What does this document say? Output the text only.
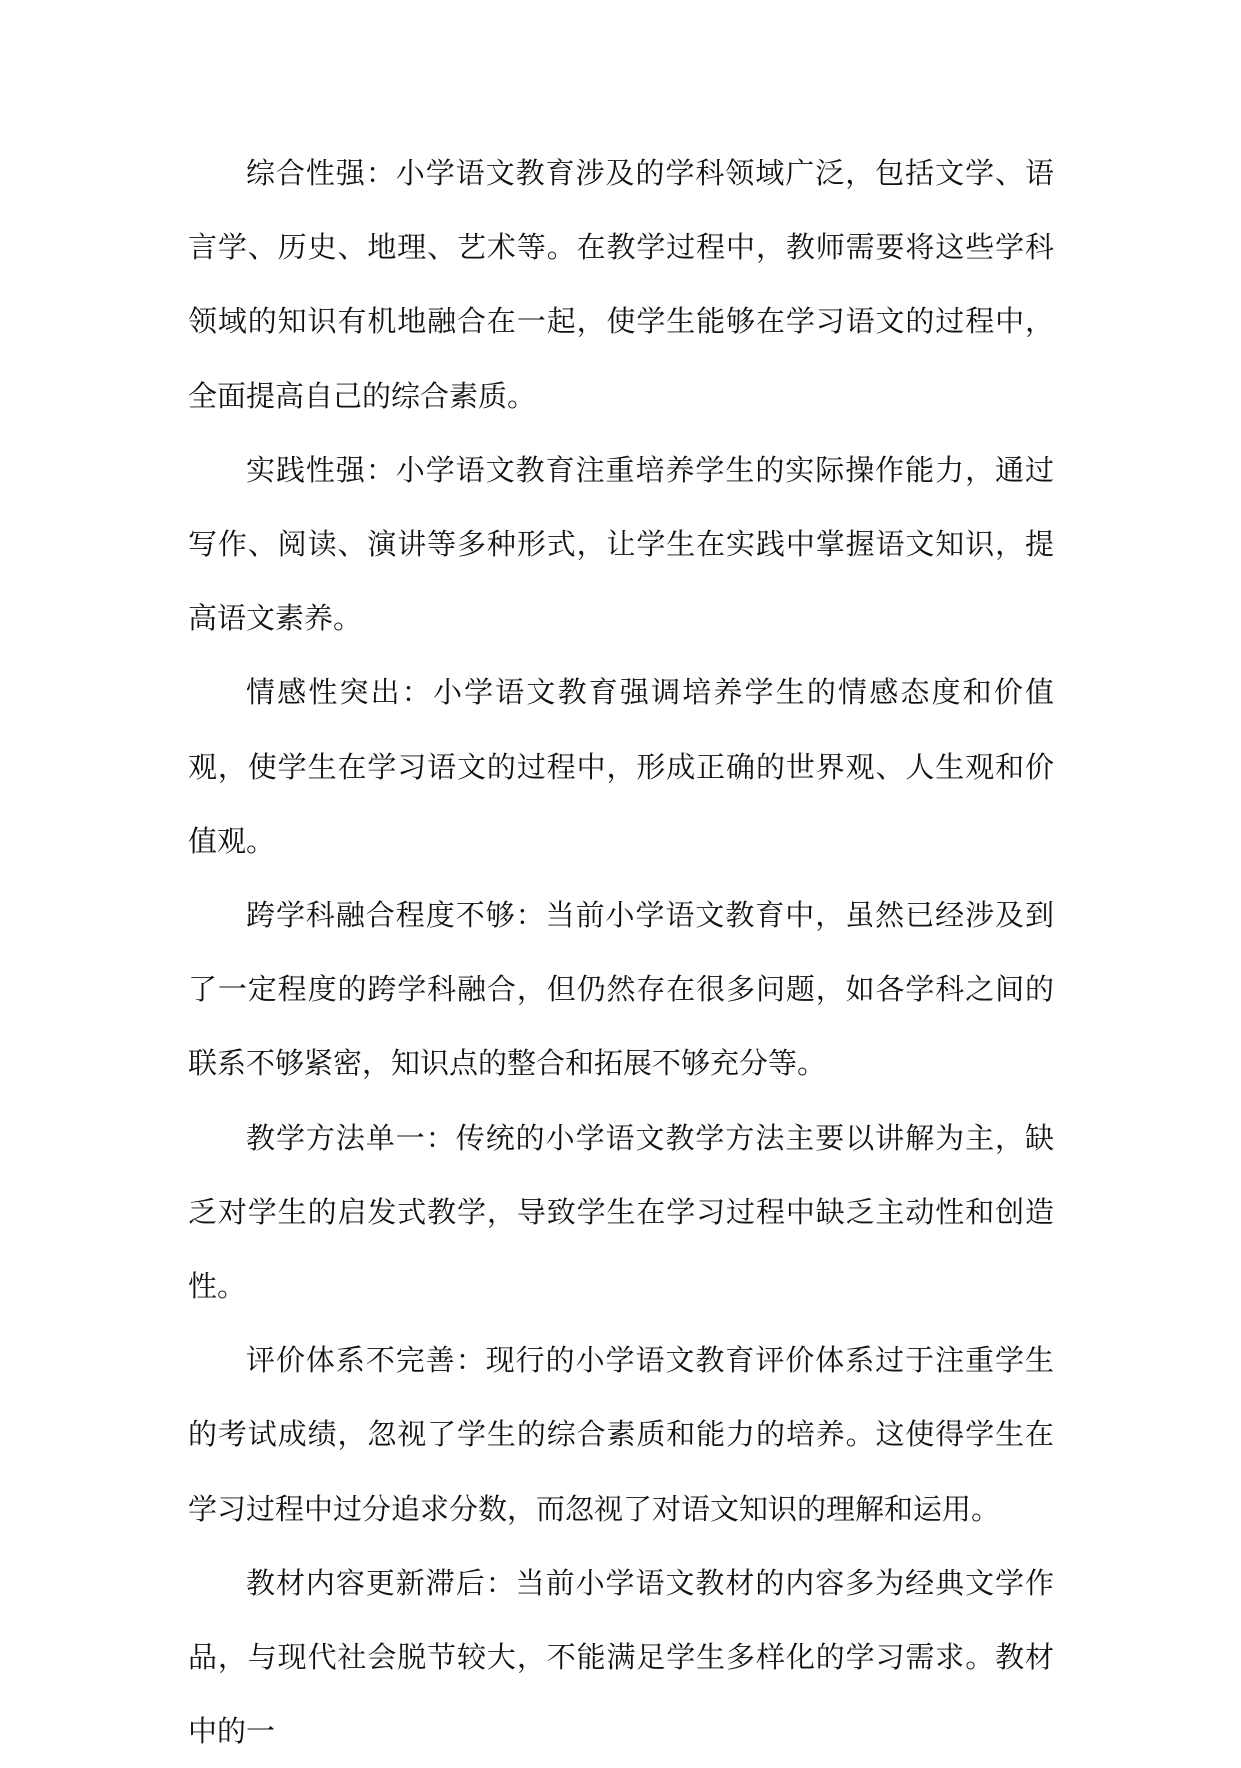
综合性强：小学语文教育涉及的学科领域广泛，包括文学、语言学、历史、地理、艺术等。在教学过程中，教师需要将这些学科领域的知识有机地融合在一起，使学生能够在学习语文的过程中，全面提高自己的综合素质。

实践性强：小学语文教育注重培养学生的实际操作能力，通过写作、阅读、演讲等多种形式，让学生在实践中掌握语文知识，提高语文素养。

情感性突出：小学语文教育强调培养学生的情感态度和价值观，使学生在学习语文的过程中，形成正确的世界观、人生观和价值观。

跨学科融合程度不够：当前小学语文教育中，虽然已经涉及到了一定程度的跨学科融合，但仍然存在很多问题，如各学科之间的联系不够紧密，知识点的整合和拓展不够充分等。

教学方法单一：传统的小学语文教学方法主要以讲解为主，缺乏对学生的启发式教学，导致学生在学习过程中缺乏主动性和创造性。

评价体系不完善：现行的小学语文教育评价体系过于注重学生的考试成绩，忽视了学生的综合素质和能力的培养。这使得学生在学习过程中过分追求分数，而忽视了对语文知识的理解和运用。

教材内容更新滞后：当前小学语文教材的内容多为经典文学作品，与现代社会脱节较大，不能满足学生多样化的学习需求。教材中的一
